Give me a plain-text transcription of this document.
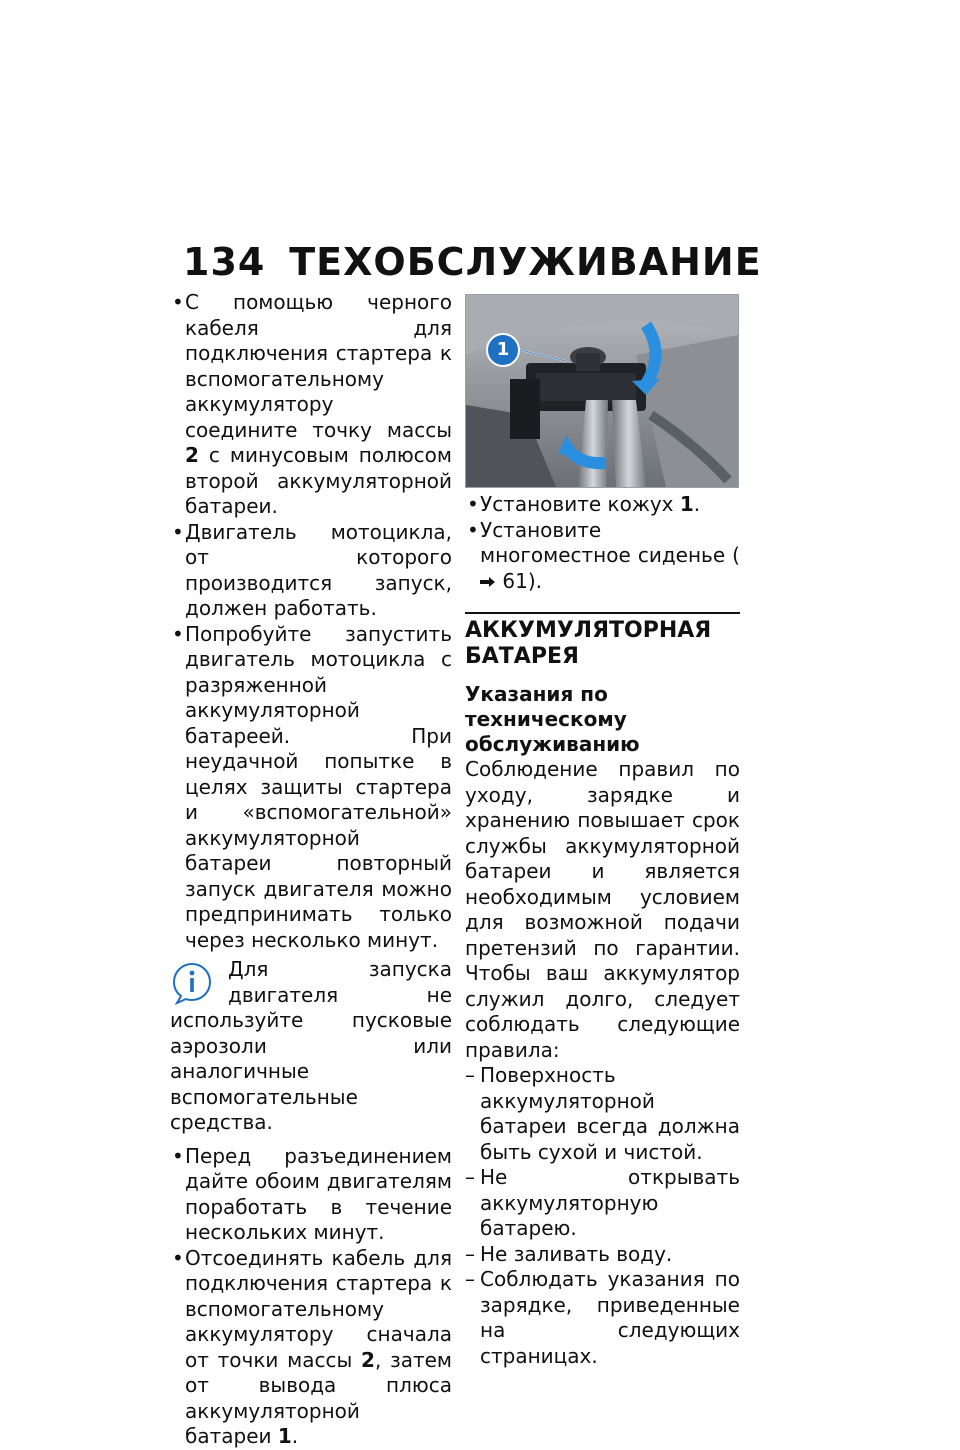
134 ТЕХОБСЛУЖИВАНИЕ
• С помощью черного кабеля для подключения стартера к вспомогательному аккумулятору соедините точку массы 2 с минусовым полюсом второй аккумуляторной батареи.
• Двигатель мотоцикла, от которого производится запуск, должен работать.
• Попробуйте запустить двигатель мотоцикла с разряженной аккумуляторной батареей. При неудачной попытке в целях защиты стартера и «вспомогательной» аккумуляторной батареи повторный запуск двигателя можно предпринимать только через несколько минут.
Для запуска двигателя не используйте пусковые аэрозоли или аналогичные вспомогательные средства.
• Перед разъединением дайте обоим двигателям поработать в течение нескольких минут.
• Отсоединять кабель для подключения стартера к вспомогательному аккумулятору сначала от точки массы 2, затем от вывода плюса аккумуляторной батареи 1.
1
• Установите кожух 1.
• Установите многоместное сиденье ( 61).
АККУМУЛЯТОРНАЯ БАТАРЕЯ
Указания по техническому обслуживанию
Соблюдение правил по уходу, зарядке и хранению повышает срок службы аккумуляторной батареи и является необходимым условием для возможной подачи претензий по гарантии. Чтобы ваш аккумулятор служил долго, следует соблюдать следующие правила:
– Поверхность аккумуляторной батареи всегда должна быть сухой и чистой.
– Не открывать аккумуляторную батарею.
– Не заливать воду.
– Соблюдать указания по зарядке, приведенные на следующих страницах.
